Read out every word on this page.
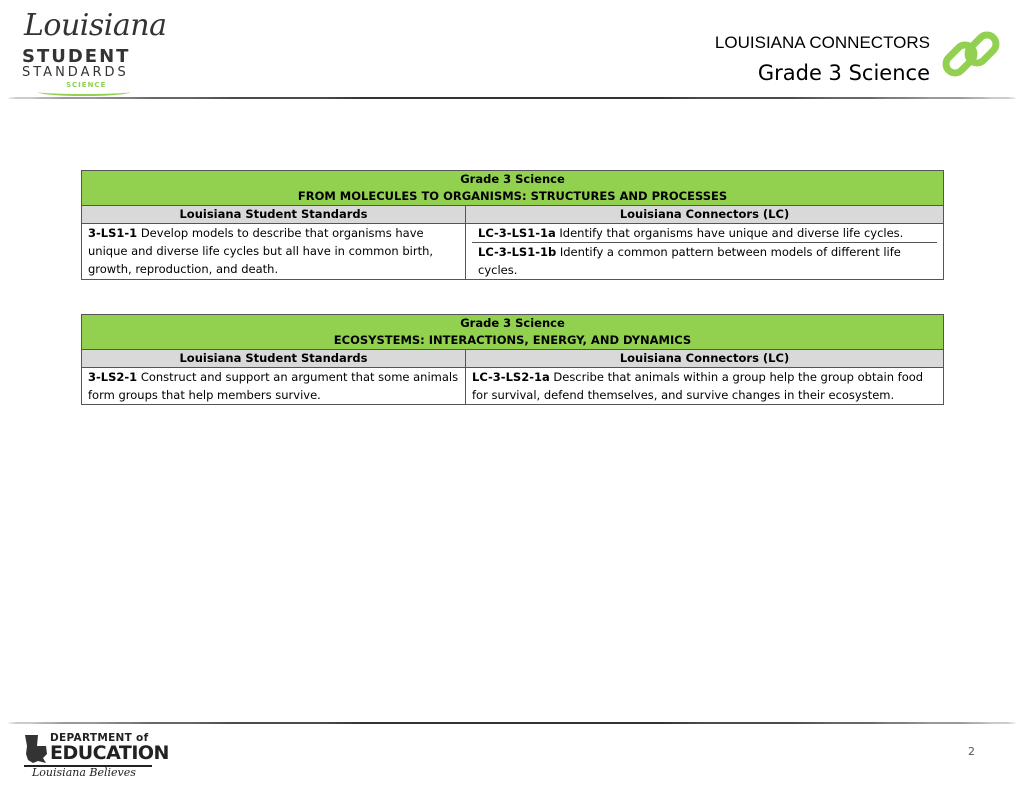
Louisiana
STUDENT
STANDARDS
SCIENCE
LOUISIANA CONNECTORS
Grade 3 Science
Grade 3 Science
FROM MOLECULES TO ORGANISMS: STRUCTURES AND PROCESSES	

Louisiana Student Standards	Louisiana Connectors (LC)
3-LS1-1 Develop models to describe that organisms have unique and diverse life cycles but all have in common birth, growth, reproduction, and death.	LC-3-LS1-1a Identify that organisms have unique and diverse life cycles.
LC-3-LS1-1b Identify a common pattern between models of different life cycles.
Grade 3 Science
ECOSYSTEMS: INTERACTIONS, ENERGY, AND DYNAMICS	

Louisiana Student Standards	Louisiana Connectors (LC)
3-LS2-1 Construct and support an argument that some animals form groups that help members survive.	LC-3-LS2-1a Describe that animals within a group help the group obtain food for survival, defend themselves, and survive changes in their ecosystem.
DEPARTMENT of
EDUCATION
Louisiana Believes
2
